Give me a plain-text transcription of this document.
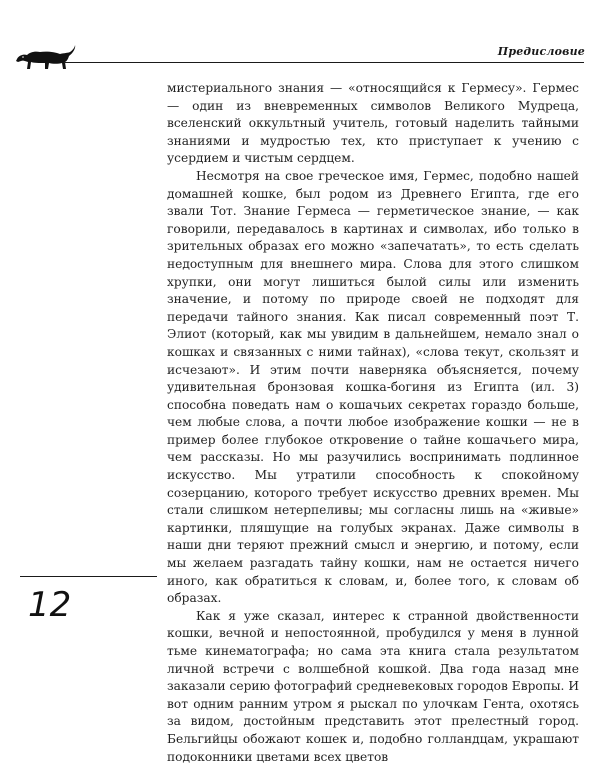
Предисловие

мистериального знания — «относящийся к Гермесу». Гермес — один из вневременных символов Великого Мудреца, вселенский оккультный учитель, готовый наделить тайными знаниями и мудростью тех, кто приступает к учению с усердием и чистым сердцем.

Несмотря на свое греческое имя, Гермес, подобно нашей домашней кошке, был родом из Древнего Египта, где его звали Тот. Знание Гермеса — герметическое знание, — как говорили, передавалось в картинах и символах, ибо только в зрительных образах его можно «запечатать», то есть сделать недоступным для внешнего мира. Слова для этого слишком хрупки, они могут лишиться былой силы или изменить значение, и потому по природе своей не подходят для передачи тайного знания. Как писал современный поэт Т. Элиот (который, как мы увидим в дальнейшем, немало знал о кошках и связанных с ними тайнах), «слова текут, скользят и исчезают». И этим почти наверняка объясняется, почему удивительная бронзовая кошка-богиня из Египта (ил. 3) способна поведать нам о кошачьих секретах гораздо больше, чем любые слова, а почти любое изображение кошки — не в пример более глубокое откровение о тайне кошачьего мира, чем рассказы. Но мы разучились воспринимать подлинное искусство. Мы утратили способность к спокойному созерцанию, которого требует искусство древних времен. Мы стали слишком нетерпеливы; мы согласны лишь на «живые» картинки, пляшущие на голубых экранах. Даже символы в наши дни теряют прежний смысл и энергию, и потому, если мы желаем разгадать тайну кошки, нам не остается ничего иного, как обратиться к словам, и, более того, к словам об образах.

Как я уже сказал, интерес к странной двойственности кошки, вечной и непостоянной, пробудился у меня в лунной тьме кинематографа; но сама эта книга стала результатом личной встречи с волшебной кошкой. Два года назад мне заказали серию фотографий средневековых городов Европы. И вот одним ранним утром я рыскал по улочкам Гента, охотясь за видом, достойным представить этот прелестный город. Бельгийцы обожают кошек и, подобно голландцам, украшают подоконники цветами всех цветов

12
